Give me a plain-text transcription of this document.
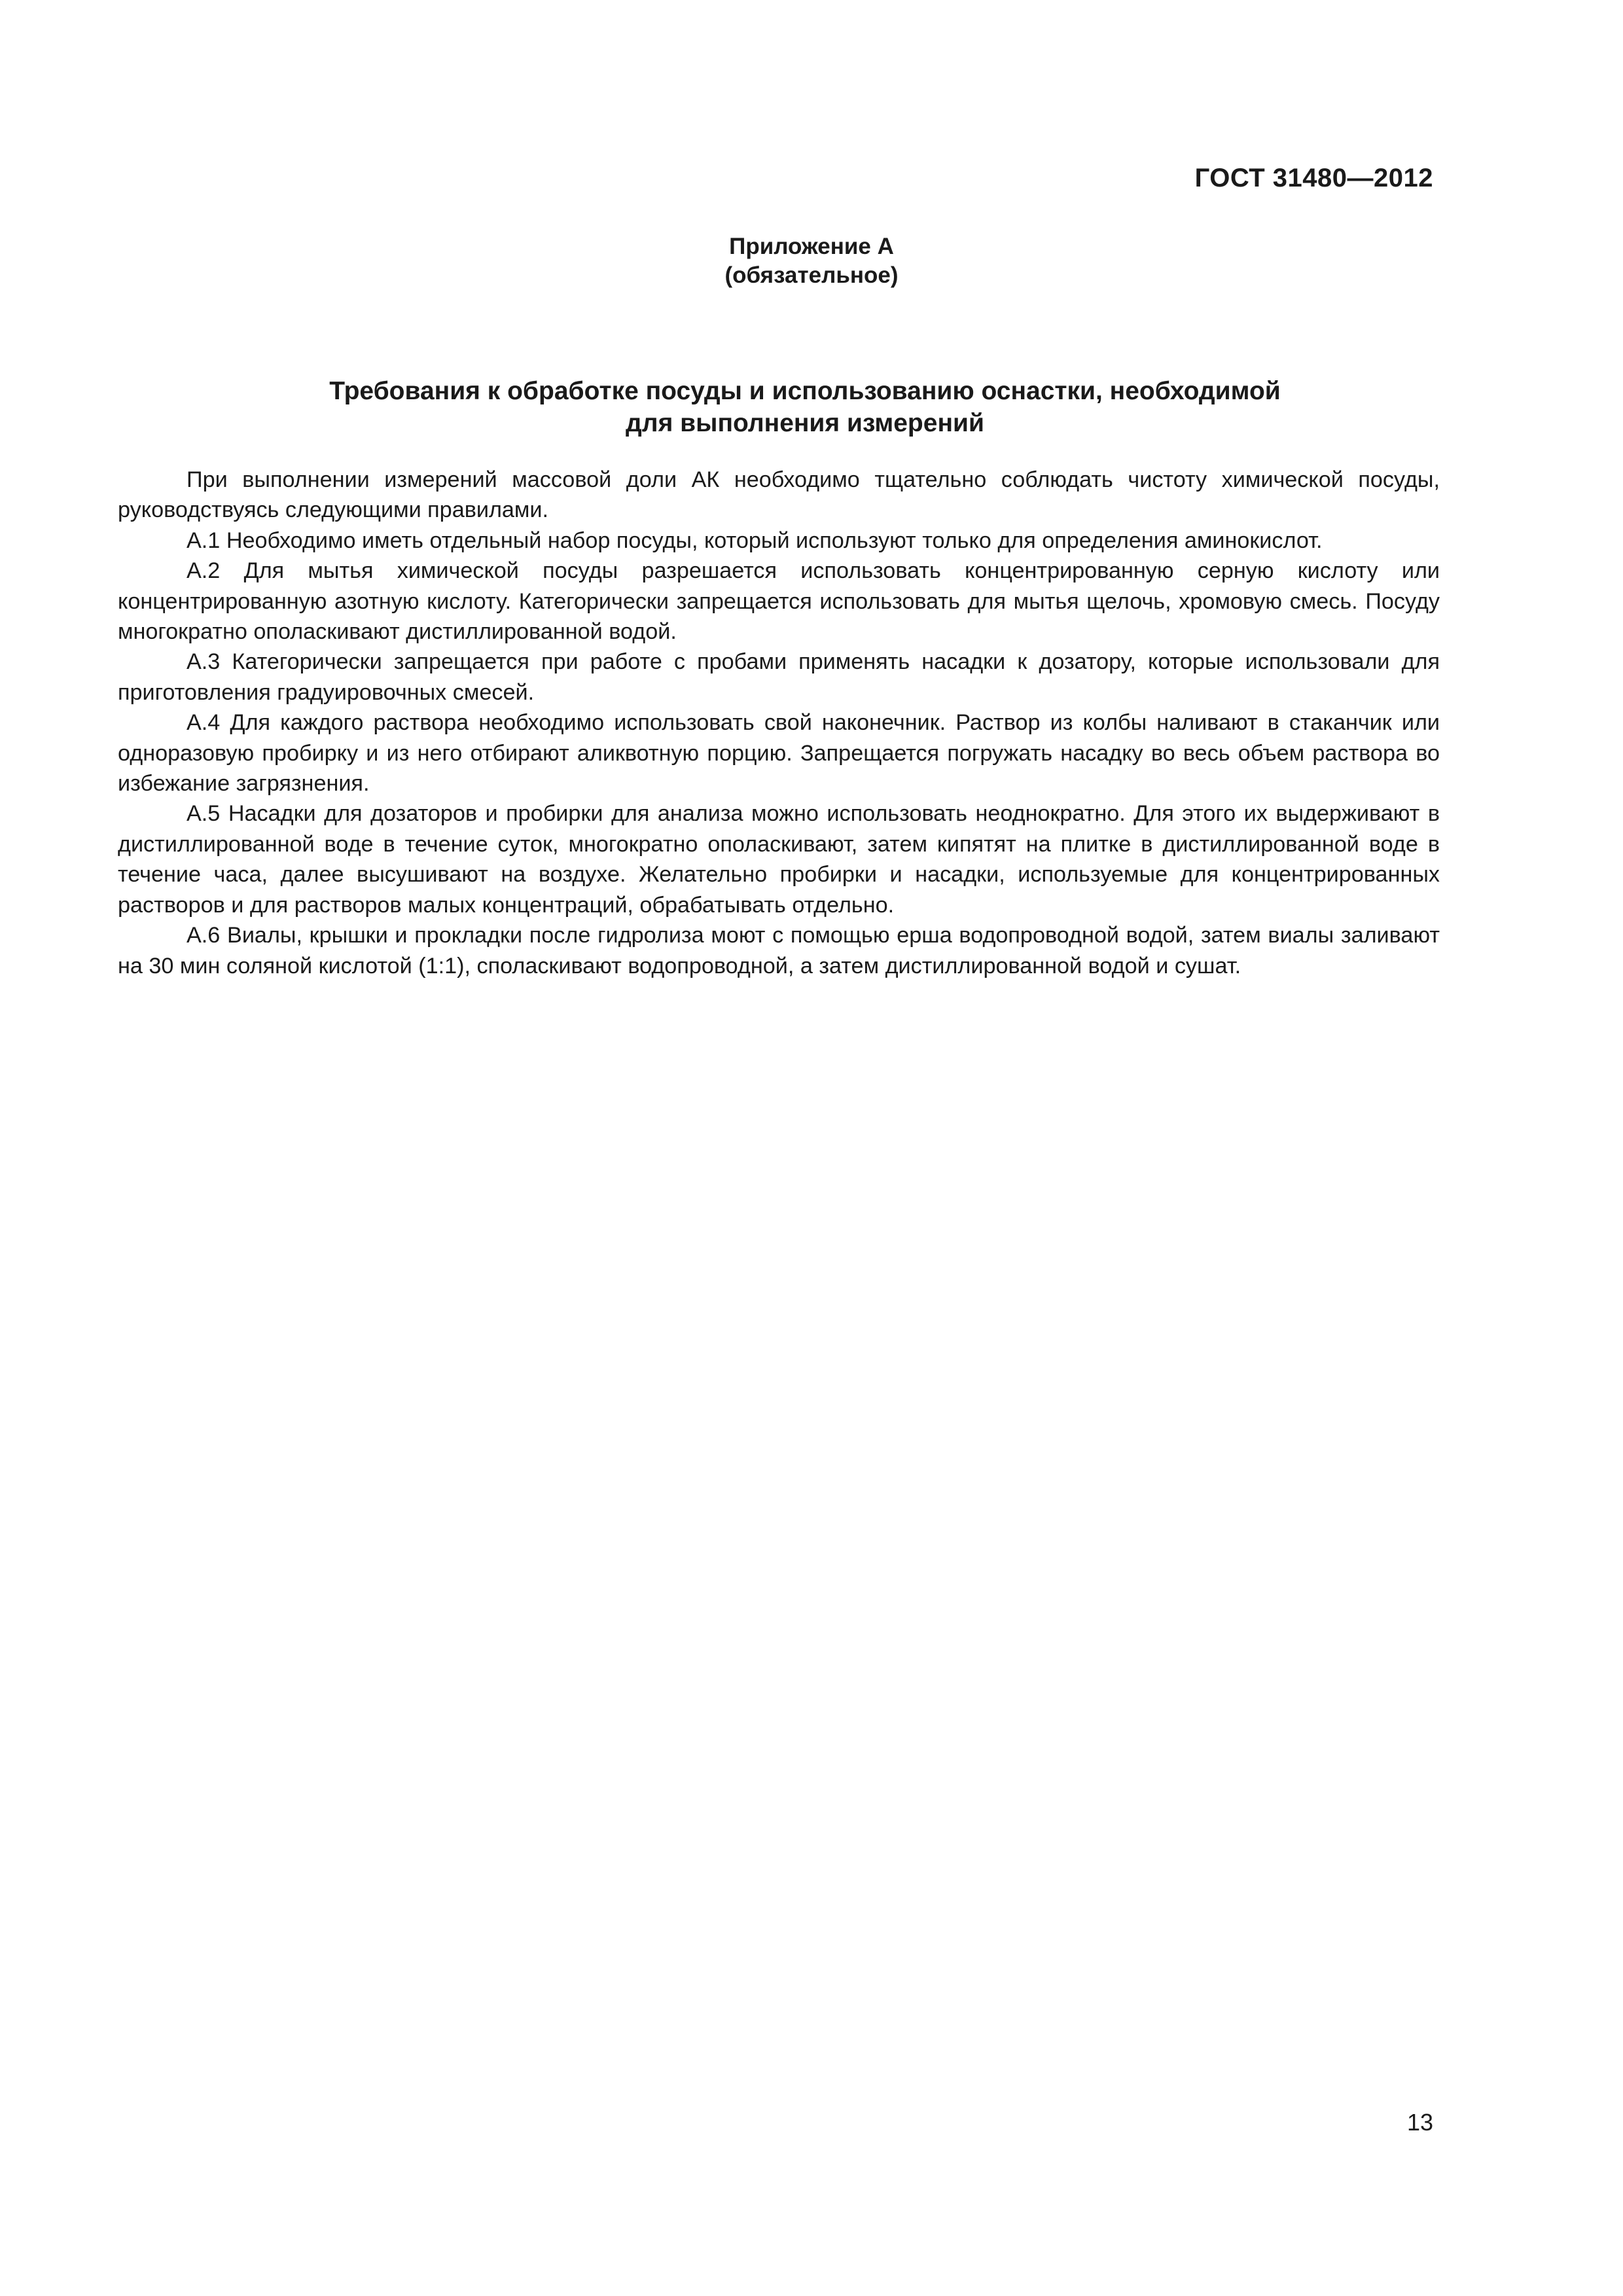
ГОСТ 31480—2012
Приложение А
(обязательное)
Требования к обработке посуды и использованию оснастки, необходимой
для выполнения измерений

При выполнении измерений массовой доли АК необходимо тщательно соблюдать чистоту химической посуды, руководствуясь следующими правилами.

А.1 Необходимо иметь отдельный набор посуды, который используют только для определения аминокислот.

А.2 Для мытья химической посуды разрешается использовать концентрированную серную кислоту или концентрированную азотную кислоту. Категорически запрещается использовать для мытья щелочь, хромовую смесь. Посуду многократно ополаскивают дистиллированной водой.

А.3 Категорически запрещается при работе с пробами применять насадки к дозатору, которые использовали для приготовления градуировочных смесей.

А.4 Для каждого раствора необходимо использовать свой наконечник. Раствор из колбы наливают в стаканчик или одноразовую пробирку и из него отбирают аликвотную порцию. Запрещается погружать насадку во весь объем раствора во избежание загрязнения.

А.5 Насадки для дозаторов и пробирки для анализа можно использовать неоднократно. Для этого их выдерживают в дистиллированной воде в течение суток, многократно ополаскивают, затем кипятят на плитке в дистиллированной воде в течение часа, далее высушивают на воздухе. Желательно пробирки и насадки, используемые для концентрированных растворов и для растворов малых концентраций, обрабатывать отдельно.

А.6 Виалы, крышки и прокладки после гидролиза моют с помощью ерша водопроводной водой, затем виалы заливают на 30 мин соляной кислотой (1:1), споласкивают водопроводной, а затем дистиллированной водой и сушат.

13
